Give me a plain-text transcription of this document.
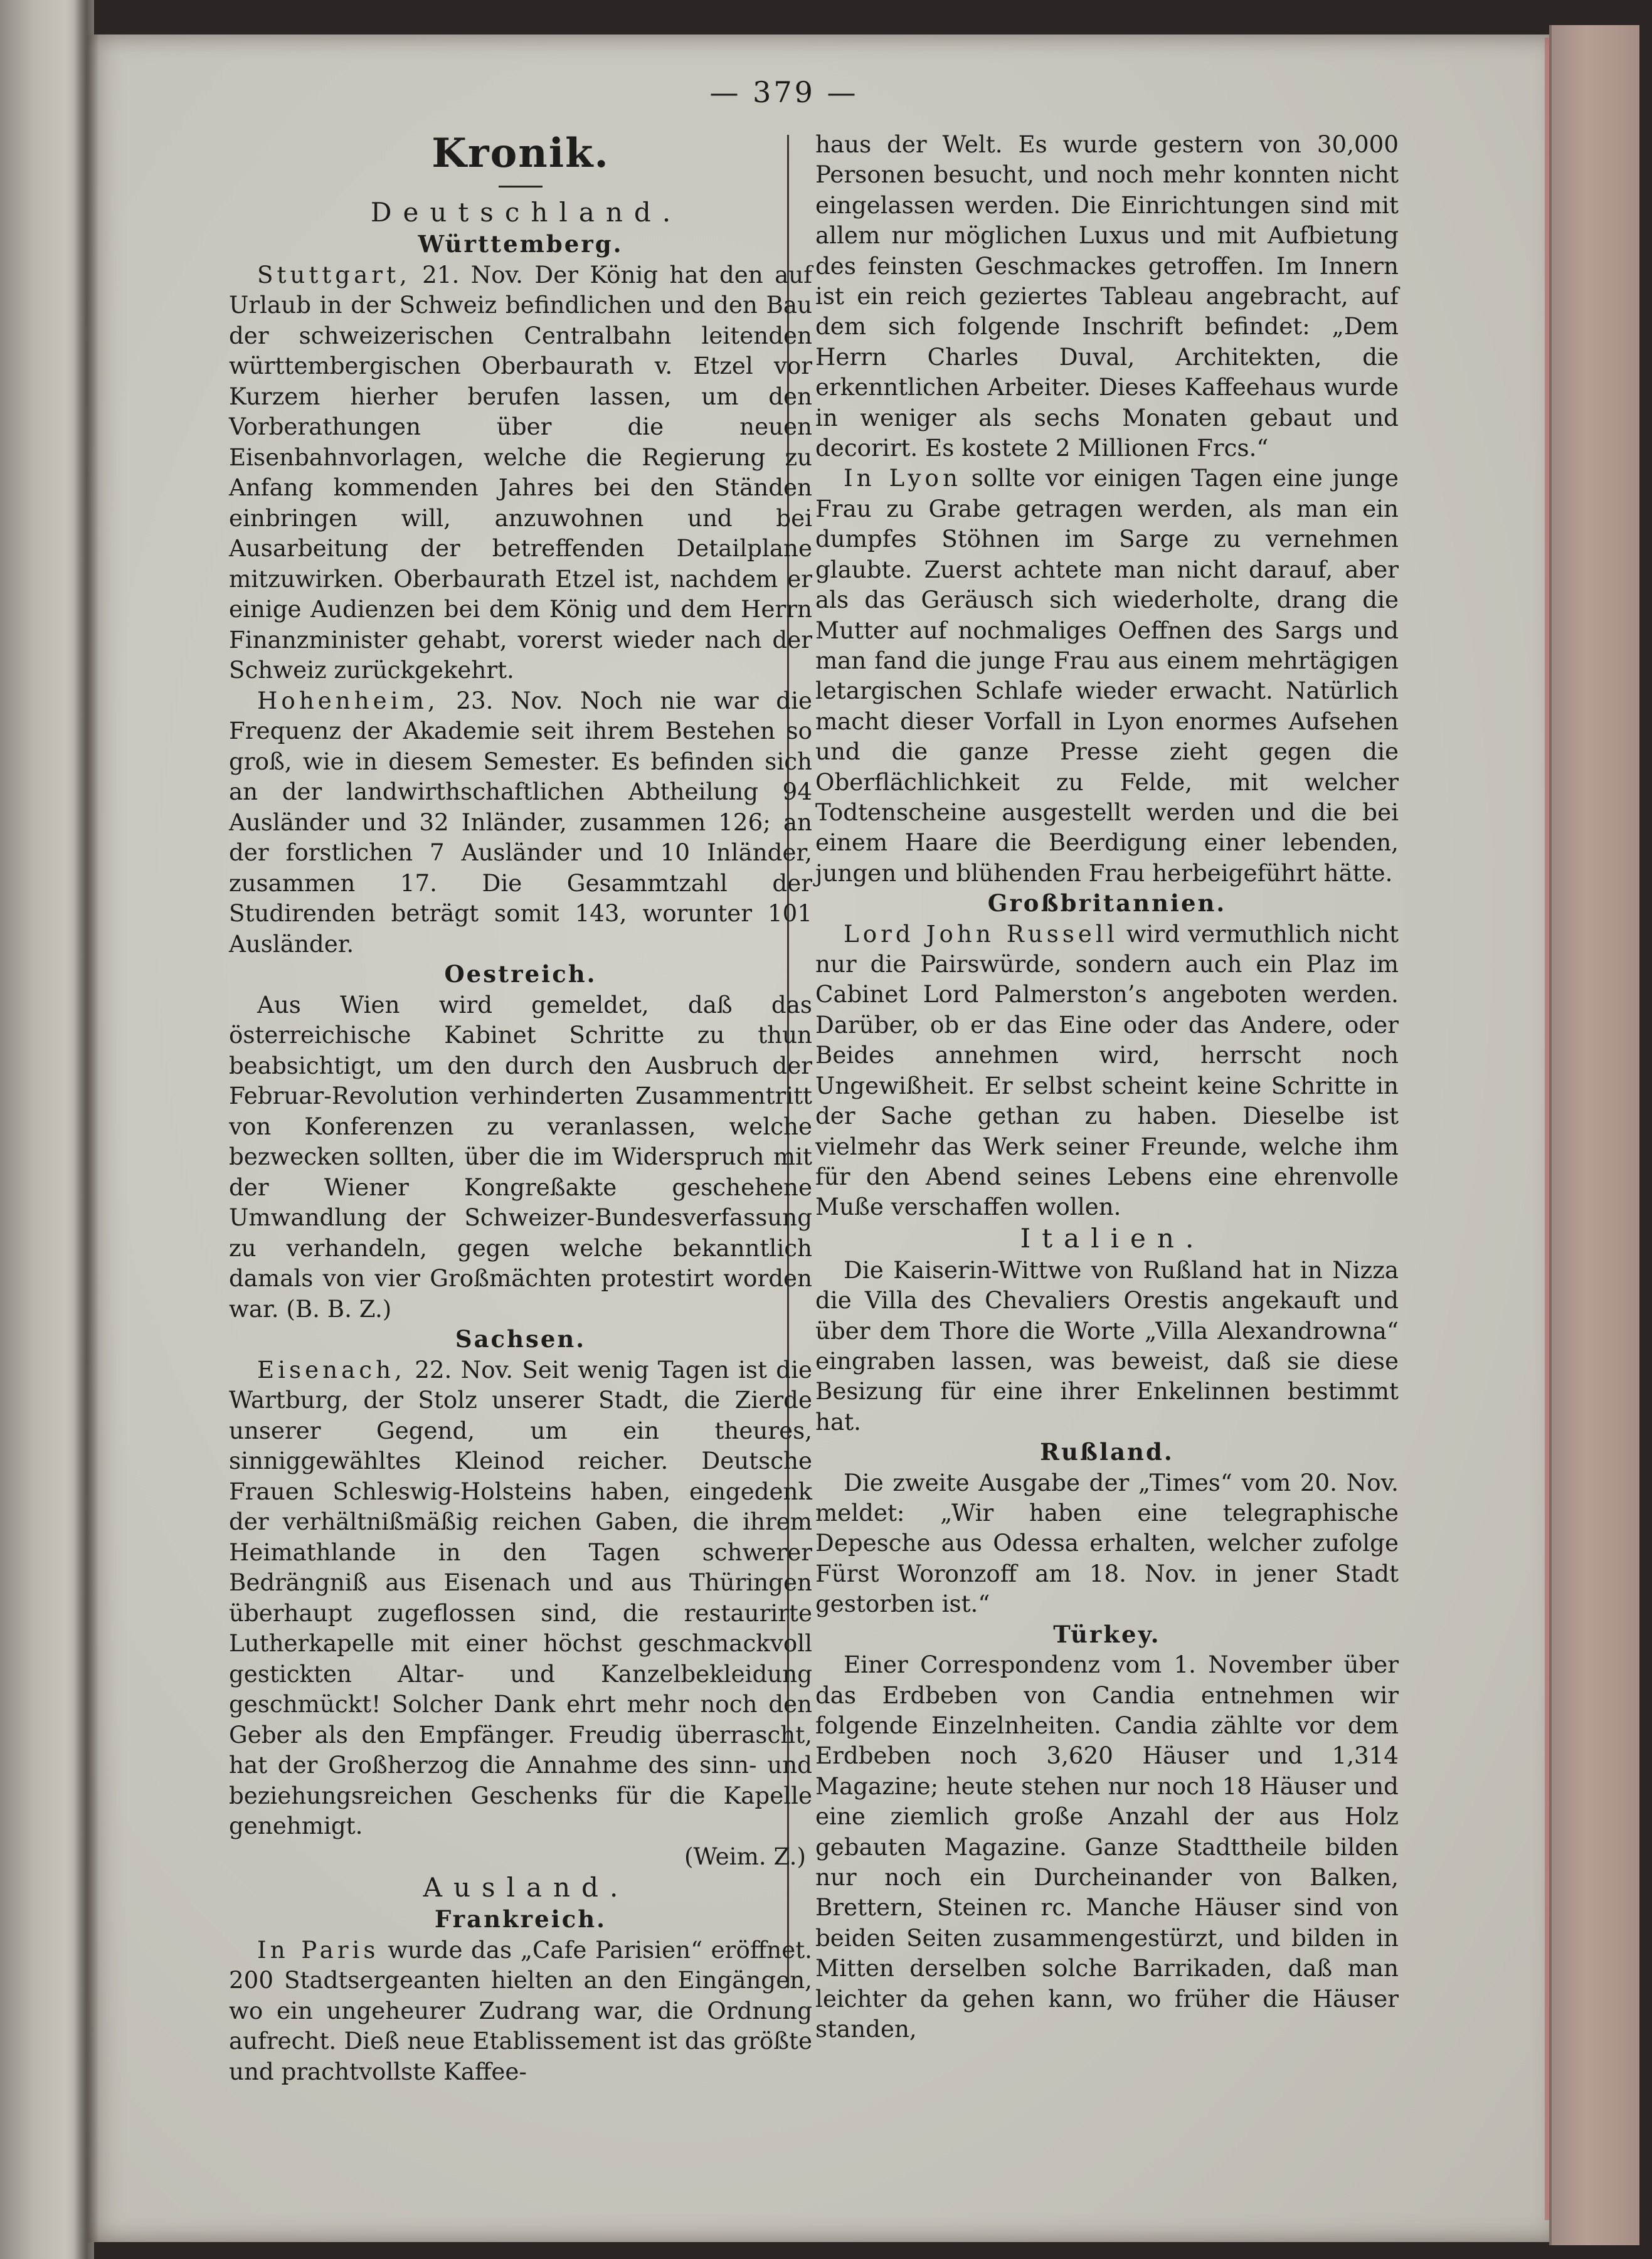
— 379 —
Kronik.
Deutschland.
Württemberg.

Stuttgart, 21. Nov. Der König hat den auf Urlaub in der Schweiz befindlichen und den Bau der schweizerischen Centralbahn leitenden württembergischen Oberbaurath v. Etzel vor Kurzem hierher berufen lassen, um den Vorberathungen über die neuen Eisenbahnvorlagen, welche die Regierung zu Anfang kommenden Jahres bei den Ständen einbringen will, anzuwohnen und bei Ausarbeitung der betreffenden Detailplane mitzuwirken. Oberbaurath Etzel ist, nachdem er einige Audienzen bei dem König und dem Herrn Finanzminister gehabt, vorerst wieder nach der Schweiz zurückgekehrt.

Hohenheim, 23. Nov. Noch nie war die Frequenz der Akademie seit ihrem Bestehen so groß, wie in diesem Semester. Es befinden sich an der landwirthschaftlichen Abtheilung 94 Ausländer und 32 Inländer, zusammen 126; an der forstlichen 7 Ausländer und 10 Inländer, zusammen 17. Die Gesammtzahl der Studirenden beträgt somit 143, worunter 101 Ausländer.

Oestreich.

Aus Wien wird gemeldet, daß das österreichische Kabinet Schritte zu thun beabsichtigt, um den durch den Ausbruch der Februar-Revolution verhinderten Zusammentritt von Konferenzen zu veranlassen, welche bezwecken sollten, über die im Widerspruch mit der Wiener Kongreßakte geschehene Umwandlung der Schweizer-Bundesverfassung zu verhandeln, gegen welche bekanntlich damals von vier Großmächten protestirt worden war. (B. B. Z.)

Sachsen.

Eisenach, 22. Nov. Seit wenig Tagen ist die Wartburg, der Stolz unserer Stadt, die Zierde unserer Gegend, um ein theures, sinniggewähltes Kleinod reicher. Deutsche Frauen Schleswig-Holsteins haben, eingedenk der verhältnißmäßig reichen Gaben, die ihrem Heimathlande in den Tagen schwerer Bedrängniß aus Eisenach und aus Thüringen überhaupt zugeflossen sind, die restaurirte Lutherkapelle mit einer höchst geschmackvoll gestickten Altar- und Kanzelbekleidung geschmückt! Solcher Dank ehrt mehr noch den Geber als den Empfänger. Freudig überrascht, hat der Großherzog die Annahme des sinn- und beziehungsreichen Geschenks für die Kapelle genehmigt.

(Weim. Z.)
Ausland.
Frankreich.

In Paris wurde das „Cafe Parisien“ eröffnet. 200 Stadtsergeanten hielten an den Eingängen, wo ein ungeheurer Zudrang war, die Ordnung aufrecht. Dieß neue Etablissement ist das größte und prachtvollste Kaffee-

haus der Welt. Es wurde gestern von 30,000 Personen besucht, und noch mehr konnten nicht eingelassen werden. Die Einrichtungen sind mit allem nur möglichen Luxus und mit Aufbietung des feinsten Geschmackes getroffen. Im Innern ist ein reich geziertes Tableau angebracht, auf dem sich folgende Inschrift befindet: „Dem Herrn Charles Duval, Architekten, die erkenntlichen Arbeiter. Dieses Kaffeehaus wurde in weniger als sechs Monaten gebaut und decorirt. Es kostete 2 Millionen Frcs.“

In Lyon sollte vor einigen Tagen eine junge Frau zu Grabe getragen werden, als man ein dumpfes Stöhnen im Sarge zu vernehmen glaubte. Zuerst achtete man nicht darauf, aber als das Geräusch sich wiederholte, drang die Mutter auf nochmaliges Oeffnen des Sargs und man fand die junge Frau aus einem mehrtägigen letargischen Schlafe wieder erwacht. Natürlich macht dieser Vorfall in Lyon enormes Aufsehen und die ganze Presse zieht gegen die Oberflächlichkeit zu Felde, mit welcher Todtenscheine ausgestellt werden und die bei einem Haare die Beerdigung einer lebenden, jungen und blühenden Frau herbeigeführt hätte.

Großbritannien.

Lord John Russell wird vermuthlich nicht nur die Pairswürde, sondern auch ein Plaz im Cabinet Lord Palmerston’s angeboten werden. Darüber, ob er das Eine oder das Andere, oder Beides annehmen wird, herrscht noch Ungewißheit. Er selbst scheint keine Schritte in der Sache gethan zu haben. Dieselbe ist vielmehr das Werk seiner Freunde, welche ihm für den Abend seines Lebens eine ehrenvolle Muße verschaffen wollen.

Italien.

Die Kaiserin-Wittwe von Rußland hat in Nizza die Villa des Chevaliers Orestis angekauft und über dem Thore die Worte „Villa Alexandrowna“ eingraben lassen, was beweist, daß sie diese Besizung für eine ihrer Enkelinnen bestimmt hat.

Rußland.

Die zweite Ausgabe der „Times“ vom 20. Nov. meldet: „Wir haben eine telegraphische Depesche aus Odessa erhalten, welcher zufolge Fürst Woronzoff am 18. Nov. in jener Stadt gestorben ist.“

Türkey.

Einer Correspondenz vom 1. November über das Erdbeben von Candia entnehmen wir folgende Einzelnheiten. Candia zählte vor dem Erdbeben noch 3,620 Häuser und 1,314 Magazine; heute stehen nur noch 18 Häuser und eine ziemlich große Anzahl der aus Holz gebauten Magazine. Ganze Stadttheile bilden nur noch ein Durcheinander von Balken, Brettern, Steinen rc. Manche Häuser sind von beiden Seiten zusammengestürzt, und bilden in Mitten derselben solche Barrikaden, daß man leichter da gehen kann, wo früher die Häuser standen,
